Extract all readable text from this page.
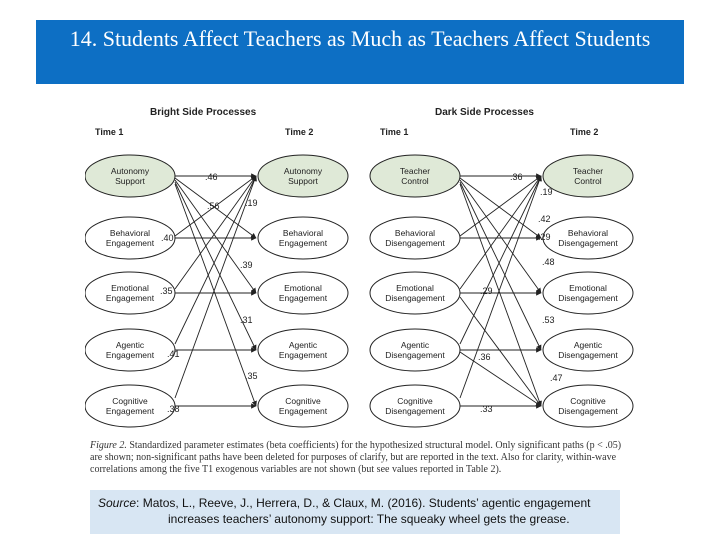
14. Students Affect Teachers as Much as Teachers Affect Students
Bright Side Processes
Time 1	Time 2
Autonomy
Support
Behavioral
Engagement
Emotional
Engagement
Agentic
Engagement
Cognitive
Engagement
Autonomy
Support
Behavioral
Engagement
Emotional
Engagement
Agentic
Engagement
Cognitive
Engagement
.46
.56	.19
.40
.39
.35
.31
.41
.35
.38
Dark Side Processes
Time 1	Time 2
Teacher
Control
Behavioral
Disengagement
Emotional
Disengagement
Agentic
Disengagement
Cognitive
Disengagement
Teacher
Control
Behavioral
Disengagement
Emotional
Disengagement
Agentic
Disengagement
Cognitive
Disengagement
.36
.19
.42
.29
.48
.29
.53
.36
.47
.33
Figure 2. Standardized parameter estimates (beta coefficients) for the hypothesized structural model. Only significant paths (p < .05) are shown; non-significant paths have been deleted for purposes of clarify, but are reported in the text. Also for clarity, within-wave correlations among the five T1 exogenous variables are not shown (but see values reported in Table 2).
Source: Matos, L., Reeve, J., Herrera, D., & Claux, M. (2016). Students’ agentic engagement
increases teachers’ autonomy support: The squeaky wheel gets the grease.
